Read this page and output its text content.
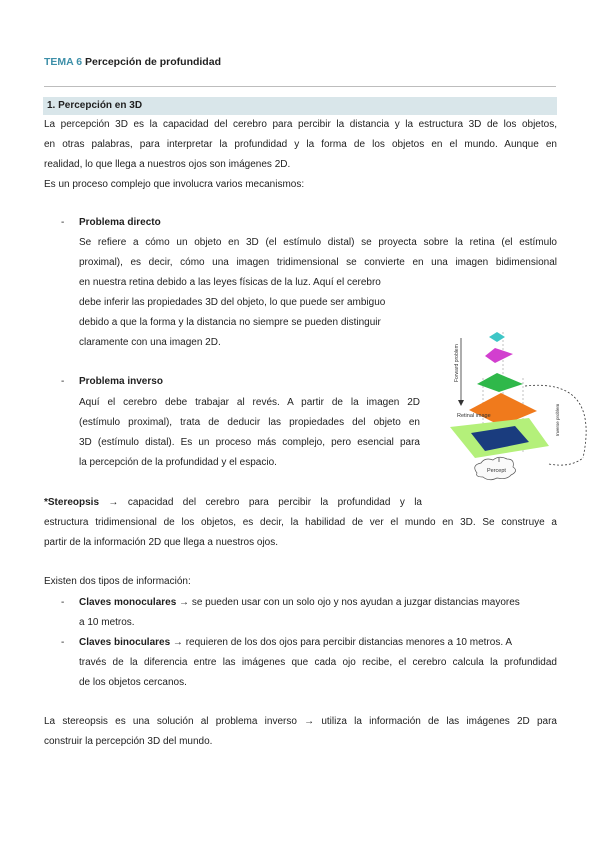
TEMA 6 Percepción de profundidad
1. Percepción en 3D
La percepción 3D es la capacidad del cerebro para percibir la distancia y la estructura 3D de los objetos,
en otras palabras, para interpretar la profundidad y la forma de los objetos en el mundo. Aunque en
realidad, lo que llega a nuestros ojos son imágenes 2D.
Es un proceso complejo que involucra varios mecanismos:
- Problema directo
Se refiere a cómo un objeto en 3D (el estímulo distal) se proyecta sobre la retina (el estímulo
proximal), es decir, cómo una imagen tridimensional se convierte en una imagen bidimensional
en nuestra retina debido a las leyes físicas de la luz. Aquí el cerebro
debe inferir las propiedades 3D del objeto, lo que puede ser ambiguo
debido a que la forma y la distancia no siempre se pueden distinguir
claramente con una imagen 2D.
- Problema inverso
Aquí el cerebro debe trabajar al revés. A partir de la imagen 2D
(estímulo proximal), trata de deducir las propiedades del objeto en
3D (estímulo distal). Es un proceso más complejo, pero esencial para
la percepción de la profundidad y el espacio.
*Stereopsis → capacidad del cerebro para percibir la profundidad y la
estructura tridimensional de los objetos, es decir, la habilidad de ver el mundo en 3D. Se construye a
partir de la información 2D que llega a nuestros ojos.
Existen dos tipos de información:
- Claves monoculares → se pueden usar con un solo ojo y nos ayudan a juzgar distancias mayores
a 10 metros.
- Claves binoculares → requieren de los dos ojos para percibir distancias menores a 10 metros. A
través de la diferencia entre las imágenes que cada ojo recibe, el cerebro calcula la profundidad
de los objetos cercanos.
La stereopsis es una solución al problema inverso → utiliza la información de las imágenes 2D para
construir la percepción 3D del mundo.
Forward problem
Retinal image	Inverse problem
Percept
